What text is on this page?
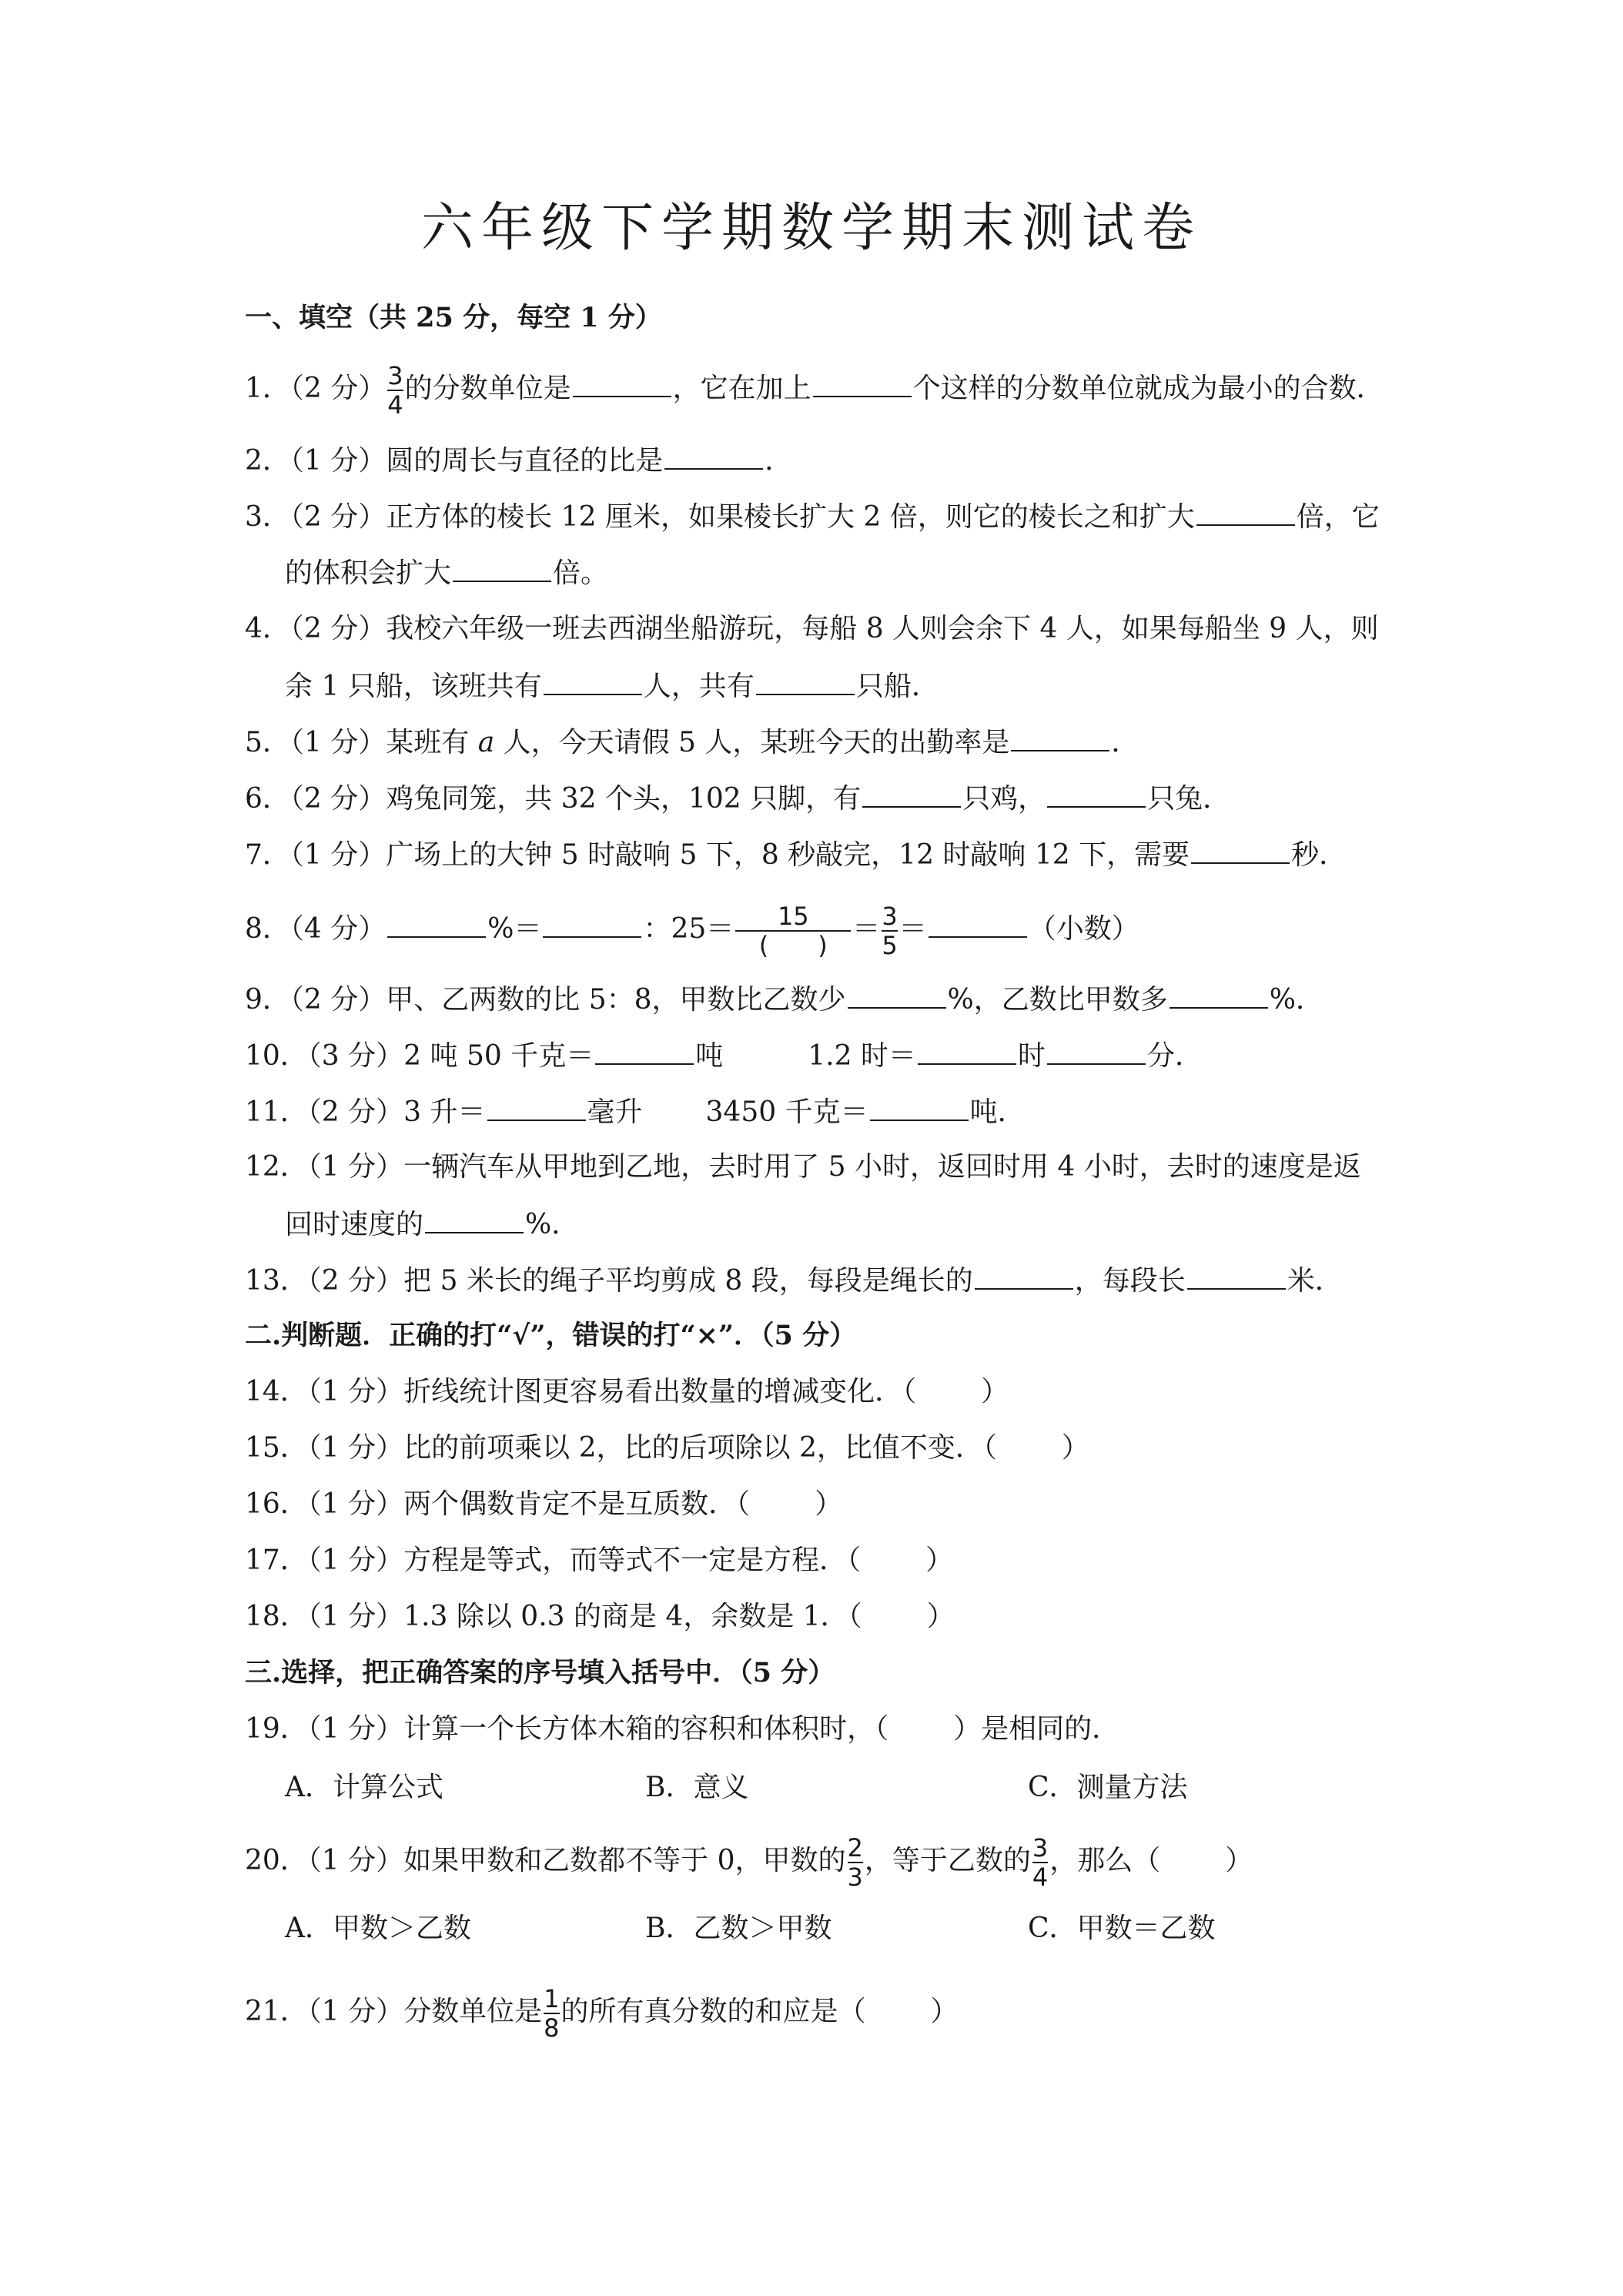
六年级下学期数学期末测试卷
一、填空（共 25 分，每空 1 分）
1．（2 分） $\frac{3}{4}$ 的分数单位是	，它在加上	个这样的分数单位就成为最小的合数．
2．（1 分）圆的周长与直径的比是	．
3．（2 分）正方体的棱长 12 厘米，如果棱长扩大 2 倍，则它的棱长之和扩大	倍，它
的体积会扩大	倍。
4．（2 分）我校六年级一班去西湖坐船游玩，每船 8 人则会余下 4 人，如果每船坐 9 人，则
余 1 只船，该班共有	人，共有	只船．
5．（1 分）某班有 a 人，今天请假 5 人，某班今天的出勤率是	．
6．（2 分）鸡兔同笼，共 32 个头，102 只脚，有	只鸡，	只兔．
7．（1 分）广场上的大钟 5 时敲响 5 下，8 秒敲完，12 时敲响 12 下，需要	秒．
8．（4 分）	%＝	：$25= \frac{15}{( )} = \frac{3}{5}$ ＝	（小数）
9．（2 分）甲、乙两数的比 5：8，甲数比乙数少	%，乙数比甲数多	%．
10．（3 分）2 吨 50 千克＝	吨	1.2 时＝	时	分．
11．（2 分）3 升＝	毫升 3450 千克＝	吨．
12．（1 分）一辆汽车从甲地到乙地，去时用了 5 小时，返回时用 4 小时，去时的速度是返
回时速度的	%．
13．（2 分）把 5 米长的绳子平均剪成 8 段，每段是绳长的	，每段长	米．
二.判断题．正确的打“√”，错误的打“×”．（5 分）
14．（1 分）折线统计图更容易看出数量的增减变化．（ ）
15．（1 分）比的前项乘以 2，比的后项除以 2，比值不变．（ ）
16．（1 分）两个偶数肯定不是互质数．（ ）
17．（1 分）方程是等式，而等式不一定是方程．（ ）
18．（1 分）1.3 除以 0.3 的商是 4，余数是 1．（ ）
三.选择，把正确答案的序号填入括号中．（5 分）
19．（1 分）计算一个长方体木箱的容积和体积时，（ ）是相同的．
A．计算公式	B．意义	C．测量方法
20．（1 分）如果甲数和乙数都不等于 0，甲数的 $\frac{2}{3}$ ，等于乙数的 $\frac{3}{4}$ ，那么（ ）
A．甲数＞乙数	B．乙数＞甲数	C．甲数＝乙数
21．（1 分）分数单位是 $\frac{1}{8}$ 的所有真分数的和应是（ ）
